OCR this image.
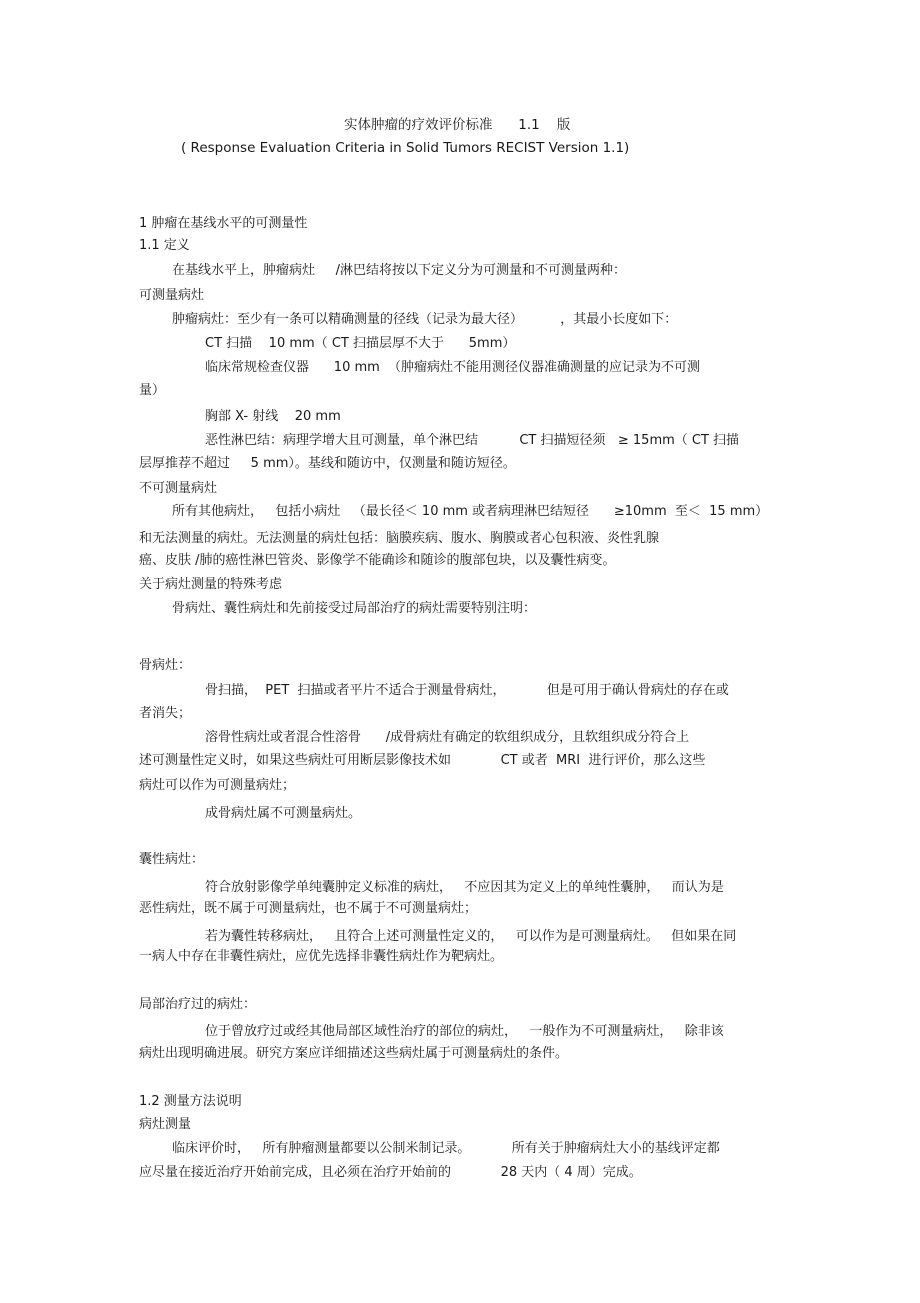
实体肿瘤的疗效评价标准      1.1    版
( Response Evaluation Criteria in Solid Tumors RECIST Version 1.1)
1 肿瘤在基线水平的可测量性
1.1 定义
在基线水平上，肿瘤病灶     /淋巴结将按以下定义分为可测量和不可测量两种：
可测量病灶
肿瘤病灶：至少有一条可以精确测量的径线（记录为最大径）         ，其最小长度如下：
CT 扫描    10 mm（ CT 扫描层厚不大于      5mm）
临床常规检查仪器      10 mm  （肿瘤病灶不能用测径仪器准确测量的应记录为不可测
量）
胸部 X- 射线    20 mm
恶性淋巴结：病理学增大且可测量，单个淋巴结          CT 扫描短径须   ≥ 15mm（ CT 扫描
层厚推荐不超过     5 mm）。基线和随访中，仅测量和随访短径。
不可测量病灶
所有其他病灶，   包括小病灶   （最长径＜ 10 mm 或者病理淋巴结短径      ≥10mm  至＜  15 mm）
和无法测量的病灶。无法测量的病灶包括：脑膜疾病、腹水、胸膜或者心包积液、炎性乳腺
癌、皮肤 /肺的癌性淋巴管炎、影像学不能确诊和随诊的腹部包块，以及囊性病变。
关于病灶测量的特殊考虑
骨病灶、囊性病灶和先前接受过局部治疗的病灶需要特别注明：
骨病灶：
骨扫描，  PET  扫描或者平片不适合于测量骨病灶，          但是可用于确认骨病灶的存在或
者消失；
溶骨性病灶或者混合性溶骨      /成骨病灶有确定的软组织成分，且软组织成分符合上
述可测量性定义时，如果这些病灶可用断层影像技术如            CT 或者  MRI  进行评价，那么这些
病灶可以作为可测量病灶；
成骨病灶属不可测量病灶。
囊性病灶：
符合放射影像学单纯囊肿定义标准的病灶，   不应因其为定义上的单纯性囊肿，   而认为是
恶性病灶，既不属于可测量病灶，也不属于不可测量病灶；
若为囊性转移病灶，   且符合上述可测量性定义的，   可以作为是可测量病灶。   但如果在同
一病人中存在非囊性病灶，应优先选择非囊性病灶作为靶病灶。
局部治疗过的病灶：
位于曾放疗过或经其他局部区域性治疗的部位的病灶，   一般作为不可测量病灶，   除非该
病灶出现明确进展。研究方案应详细描述这些病灶属于可测量病灶的条件。
1.2 测量方法说明
病灶测量
临床评价时，   所有肿瘤测量都要以公制米制记录。          所有关于肿瘤病灶大小的基线评定都
应尽量在接近治疗开始前完成，且必须在治疗开始前的            28 天内（ 4 周）完成。
